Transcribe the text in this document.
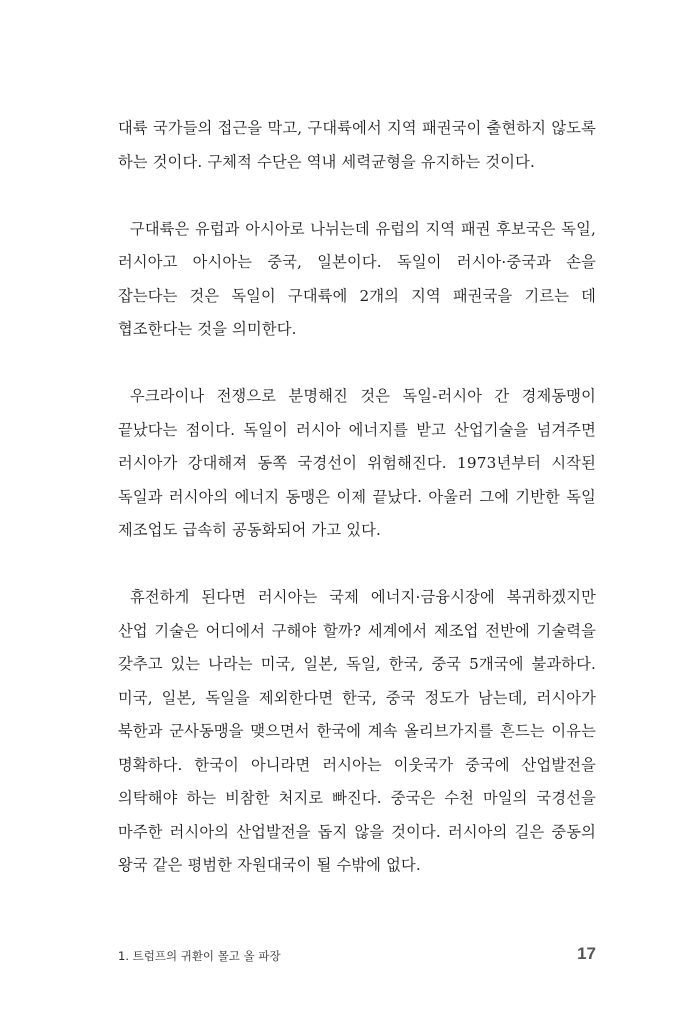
대륙 국가들의 접근을 막고, 구대륙에서 지역 패권국이 출현하지 않도록 하는 것이다. 구체적 수단은 역내 세력균형을 유지하는 것이다.

구대륙은 유럽과 아시아로 나뉘는데 유럽의 지역 패권 후보국은 독일, 러시아고 아시아는 중국, 일본이다. 독일이 러시아·중국과 손을 잡는다는 것은 독일이 구대륙에 2개의 지역 패권국을 기르는 데 협조한다는 것을 의미한다.

우크라이나 전쟁으로 분명해진 것은 독일-러시아 간 경제동맹이 끝났다는 점이다. 독일이 러시아 에너지를 받고 산업기술을 넘겨주면 러시아가 강대해져 동쪽 국경선이 위험해진다. 1973년부터 시작된 독일과 러시아의 에너지 동맹은 이제 끝났다. 아울러 그에 기반한 독일 제조업도 급속히 공동화되어 가고 있다.

휴전하게 된다면 러시아는 국제 에너지·금융시장에 복귀하겠지만 산업 기술은 어디에서 구해야 할까? 세계에서 제조업 전반에 기술력을 갖추고 있는 나라는 미국, 일본, 독일, 한국, 중국 5개국에 불과하다. 미국, 일본, 독일을 제외한다면 한국, 중국 정도가 남는데, 러시아가 북한과 군사동맹을 맺으면서 한국에 계속 올리브가지를 흔드는 이유는 명확하다. 한국이 아니라면 러시아는 이웃국가 중국에 산업발전을 의탁해야 하는 비참한 처지로 빠진다. 중국은 수천 마일의 국경선을 마주한 러시아의 산업발전을 돕지 않을 것이다. 러시아의 길은 중동의 왕국 같은 평범한 자원대국이 될 수밖에 없다.

1. 트럼프의 귀환이 몰고 올 파장	17
